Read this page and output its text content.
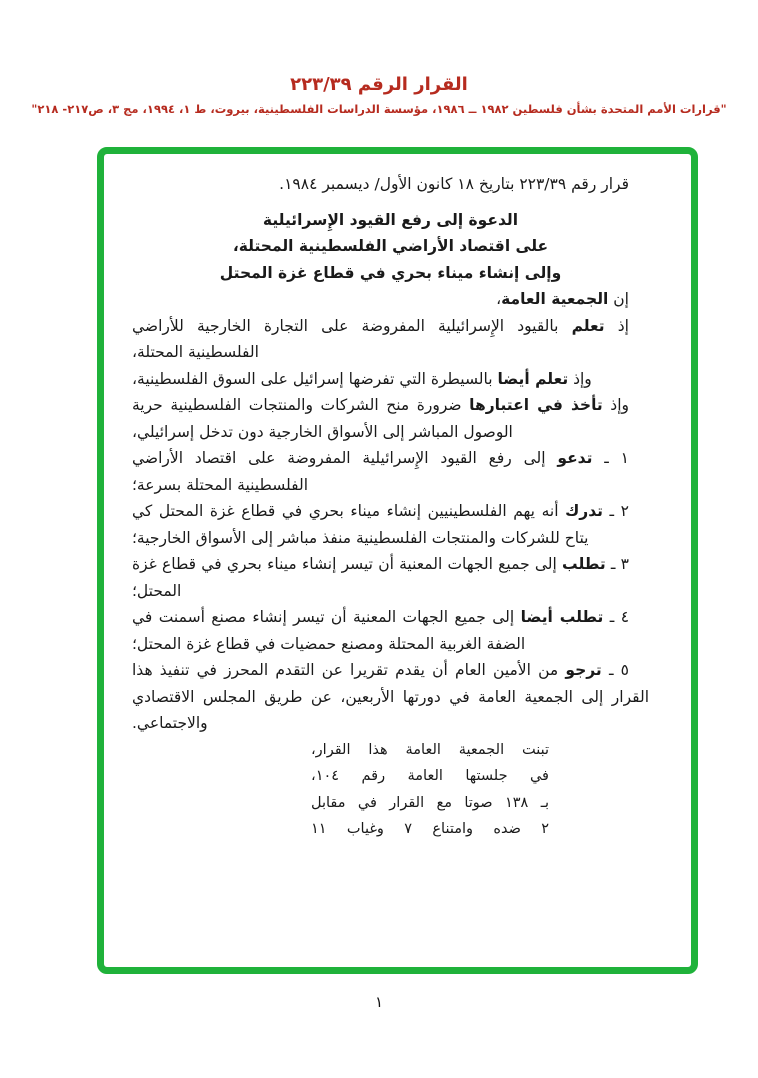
القرار الرقم ٢٢٣/٣٩
"قرارات الأمم المتحدة بشأن فلسطين ١٩٨٢ ــ ١٩٨٦، مؤسسة الدراسات الفلسطينية، بيروت، ط ١، ١٩٩٤، مج ٣، ص٢١٧- ٢١٨"

قرار رقم ٢٢٣/٣٩ بتاريخ ١٨ كانون الأول/ ديسمبر ١٩٨٤.

الدعوة إلى رفع القيود الإِسرائيلية
على اقتصاد الأراضي الفلسطينية المحتلة،
وإلى إنشاء ميناء بحري في قطاع غزة المحتل

إن الجمعية العامة،

إذ تعلم بالقيود الإِسرائيلية المفروضة على التجارة الخارجية للأراضي الفلسطينية المحتلة،

وإذ تعلم أيضا بالسيطرة التي تفرضها إسرائيل على السوق الفلسطينية،

وإذ تأخذ في اعتبارها ضرورة منح الشركات والمنتجات الفلسطينية حرية الوصول المباشر إلى الأسواق الخارجية دون تدخل إسرائيلي،

١ ـ تدعو إلى رفع القيود الإِسرائيلية المفروضة على اقتصاد الأراضي الفلسطينية المحتلة بسرعة؛

٢ ـ تدرك أنه يهم الفلسطينيين إنشاء ميناء بحري في قطاع غزة المحتل كي يتاح للشركات والمنتجات الفلسطينية منفذ مباشر إلى الأسواق الخارجية؛

٣ ـ تطلب إلى جميع الجهات المعنية أن تيسر إنشاء ميناء بحري في قطاع غزة المحتل؛

٤ ـ تطلب أيضا إلى جميع الجهات المعنية أن تيسر إنشاء مصنع أسمنت في الضفة الغربية المحتلة ومصنع حمضيات في قطاع غزة المحتل؛

٥ ـ ترجو من الأمين العام أن يقدم تقريرا عن التقدم المحرز في تنفيذ هذا القرار إلى الجمعية العامة في دورتها الأربعين، عن طريق المجلس الاقتصادي والاجتماعي.

تبنت الجمعية العامة هذا القرار،
في جلستها العامة رقم ١٠٤،
بـ ١٣٨ صوتا مع القرار في مقابل
٢ ضده وامتناع ٧ وغياب ١١
١
